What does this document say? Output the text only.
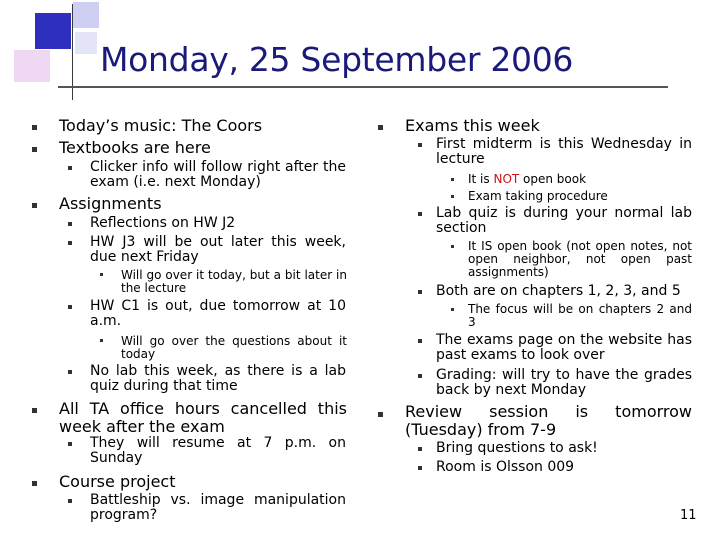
Monday, 25 September 2006
Today’s music: The Coors
Textbooks are here
Clicker info will follow right after the exam (i.e. next Monday)
Assignments
Reflections on HW J2
HW J3 will be out later this week, due next Friday
Will go over it today, but a bit later in the lecture
HW C1 is out, due tomorrow at 10 a.m.
Will go over the questions about it today
No lab this week, as there is a lab quiz during that time
All TA office hours cancelled this week after the exam
They will resume at 7 p.m. on Sunday
Course project
Battleship vs. image manipulation program?
Exams this week
First midterm is this Wednesday in lecture
It is NOT open book
Exam taking procedure
Lab quiz is during your normal lab section
It IS open book (not open notes, not open neighbor, not open past assignments)
Both are on chapters 1, 2, 3, and 5
The focus will be on chapters 2 and 3
The exams page on the website has past exams to look over
Grading: will try to have the grades back by next Monday
Review session is tomorrow (Tuesday) from 7-9
Bring questions to ask!
Room is Olsson 009
11
